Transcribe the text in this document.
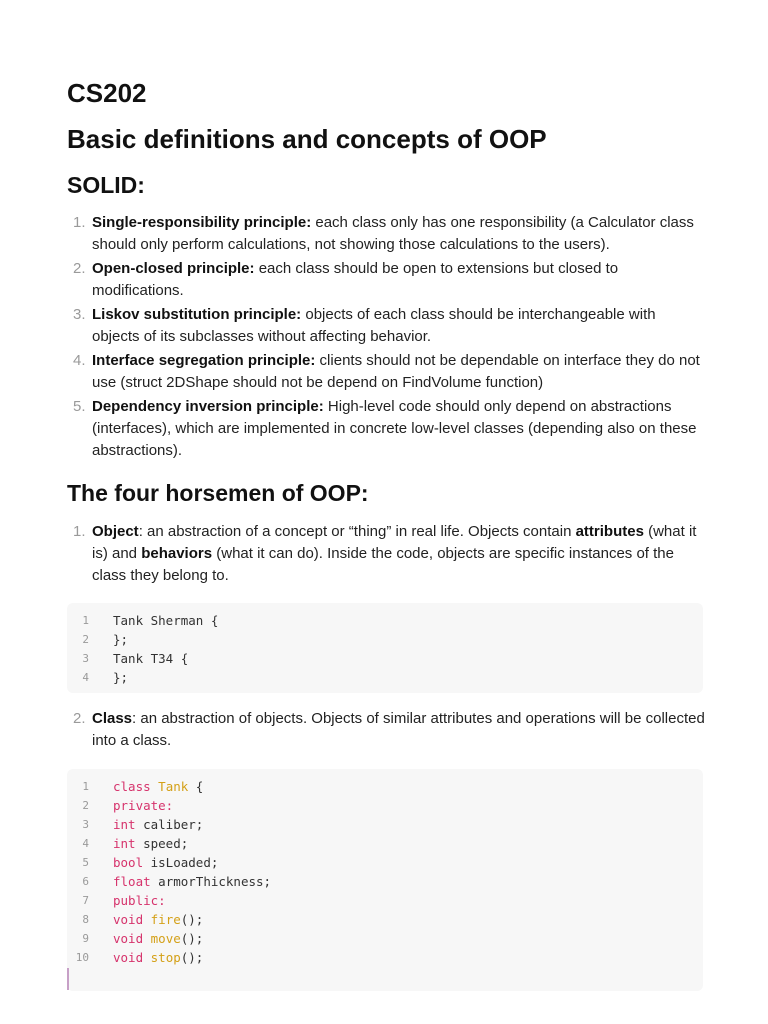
CS202
Basic definitions and concepts of OOP
SOLID:
1. Single-responsibility principle: each class only has one responsibility (a Calculator class should only perform calculations, not showing those calculations to the users).
2. Open-closed principle: each class should be open to extensions but closed to modifications.
3. Liskov substitution principle: objects of each class should be interchangeable with objects of its subclasses without affecting behavior.
4. Interface segregation principle: clients should not be dependable on interface they do not use (struct 2DShape should not be depend on FindVolume function)
5. Dependency inversion principle: High-level code should only depend on abstractions (interfaces), which are implemented in concrete low-level classes (depending also on these abstractions).
The four horsemen of OOP:
1. Object: an abstraction of a concept or “thing” in real life. Objects contain attributes (what it is) and behaviors (what it can do). Inside the code, objects are specific instances of the class they belong to.
1 Tank Sherman {
2 };
3 Tank T34 {
4 };
2. Class: an abstraction of objects. Objects of similar attributes and operations will be collected into a class.
1 class Tank {
2 private:
3 int caliber;
4 int speed;
5 bool isLoaded;
6 float armorThickness;
7 public:
8 void fire();
9 void move();
10 void stop();
